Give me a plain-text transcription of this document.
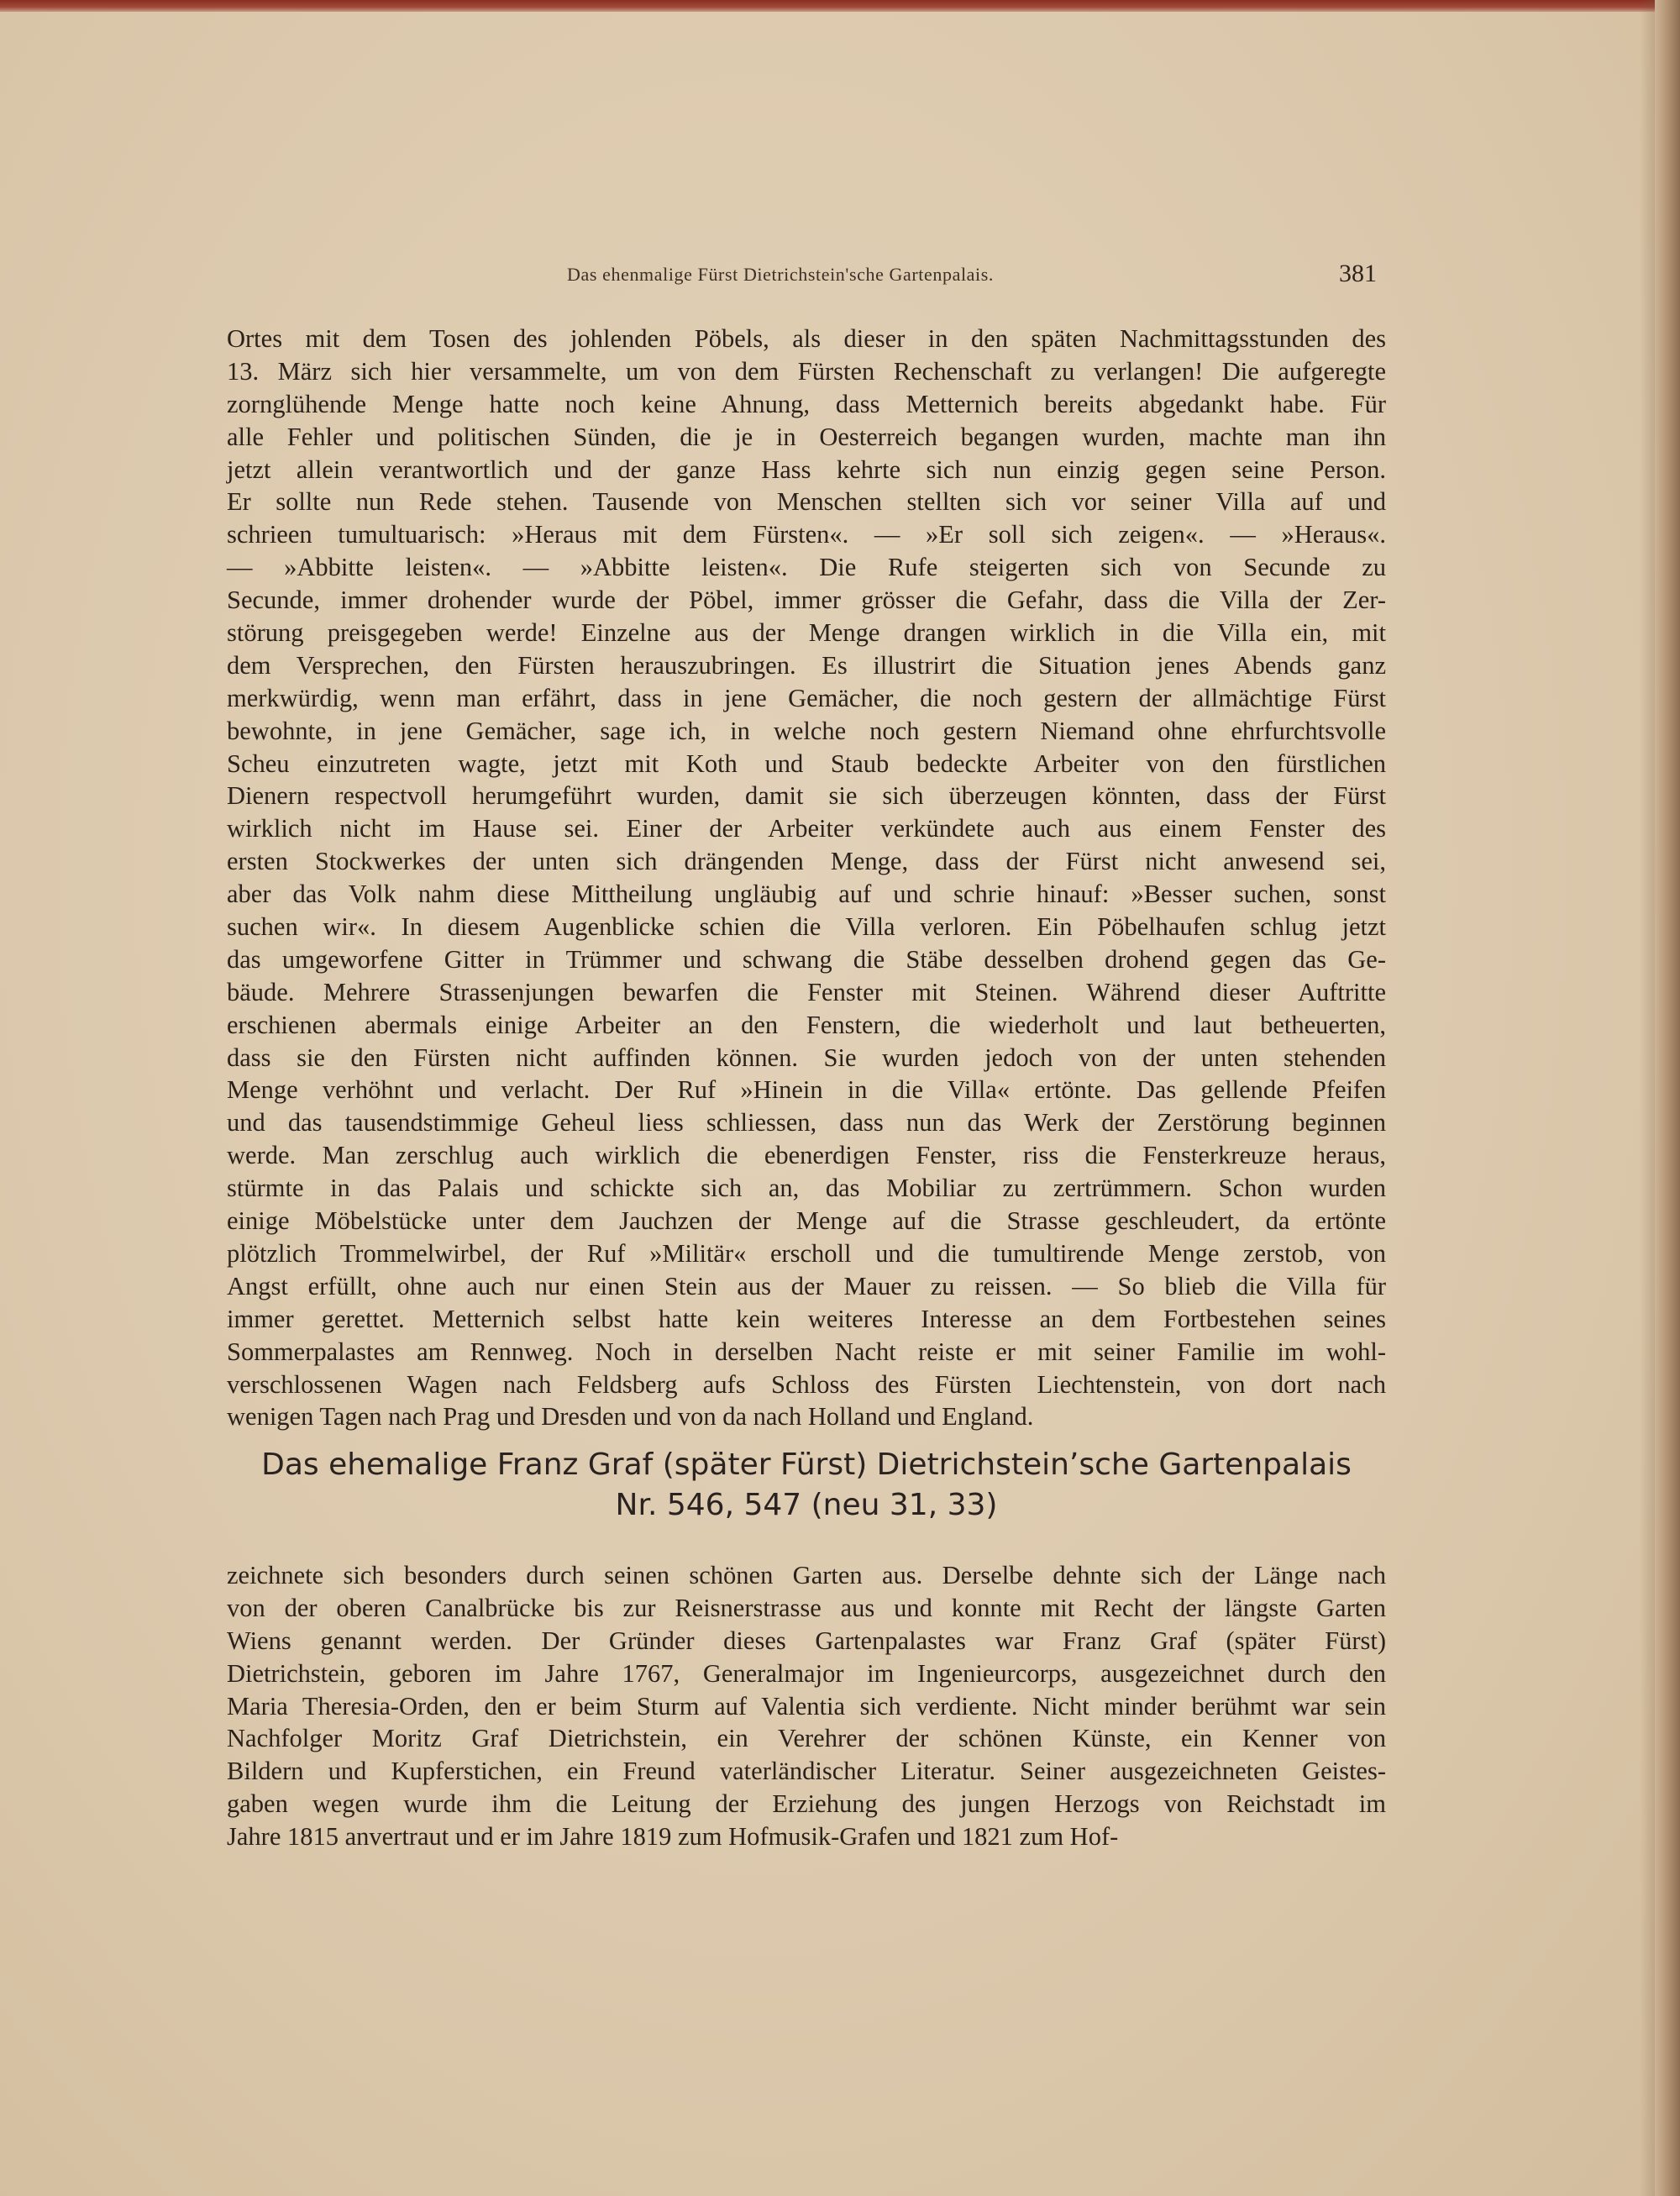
Das ehenmalige Fürst Dietrichstein'sche Gartenpalais.	381
Ortes mit dem Tosen des johlenden Pöbels, als dieser in den späten Nachmittagsstunden des
13. März sich hier versammelte, um von dem Fürsten Rechenschaft zu verlangen! Die aufgeregte
zornglühende Menge hatte noch keine Ahnung, dass Metternich bereits abgedankt habe. Für
alle Fehler und politischen Sünden, die je in Oesterreich begangen wurden, machte man ihn
jetzt allein verantwortlich und der ganze Hass kehrte sich nun einzig gegen seine Person.
Er sollte nun Rede stehen. Tausende von Menschen stellten sich vor seiner Villa auf und
schrieen tumultuarisch: »Heraus mit dem Fürsten«. — »Er soll sich zeigen«. — »Heraus«.
— »Abbitte leisten«. — »Abbitte leisten«. Die Rufe steigerten sich von Secunde zu
Secunde, immer drohender wurde der Pöbel, immer grösser die Gefahr, dass die Villa der Zer-
störung preisgegeben werde! Einzelne aus der Menge drangen wirklich in die Villa ein, mit
dem Versprechen, den Fürsten herauszubringen. Es illustrirt die Situation jenes Abends ganz
merkwürdig, wenn man erfährt, dass in jene Gemächer, die noch gestern der allmächtige Fürst
bewohnte, in jene Gemächer, sage ich, in welche noch gestern Niemand ohne ehrfurchtsvolle
Scheu einzutreten wagte, jetzt mit Koth und Staub bedeckte Arbeiter von den fürstlichen
Dienern respectvoll herumgeführt wurden, damit sie sich überzeugen könnten, dass der Fürst
wirklich nicht im Hause sei. Einer der Arbeiter verkündete auch aus einem Fenster des
ersten Stockwerkes der unten sich drängenden Menge, dass der Fürst nicht anwesend sei,
aber das Volk nahm diese Mittheilung ungläubig auf und schrie hinauf: »Besser suchen, sonst
suchen wir«. In diesem Augenblicke schien die Villa verloren. Ein Pöbelhaufen schlug jetzt
das umgeworfene Gitter in Trümmer und schwang die Stäbe desselben drohend gegen das Ge-
bäude. Mehrere Strassenjungen bewarfen die Fenster mit Steinen. Während dieser Auftritte
erschienen abermals einige Arbeiter an den Fenstern, die wiederholt und laut betheuerten,
dass sie den Fürsten nicht auffinden können. Sie wurden jedoch von der unten stehenden
Menge verhöhnt und verlacht. Der Ruf »Hinein in die Villa« ertönte. Das gellende Pfeifen
und das tausendstimmige Geheul liess schliessen, dass nun das Werk der Zerstörung beginnen
werde. Man zerschlug auch wirklich die ebenerdigen Fenster, riss die Fensterkreuze heraus,
stürmte in das Palais und schickte sich an, das Mobiliar zu zertrümmern. Schon wurden
einige Möbelstücke unter dem Jauchzen der Menge auf die Strasse geschleudert, da ertönte
plötzlich Trommelwirbel, der Ruf »Militär« erscholl und die tumultirende Menge zerstob, von
Angst erfüllt, ohne auch nur einen Stein aus der Mauer zu reissen. — So blieb die Villa für
immer gerettet. Metternich selbst hatte kein weiteres Interesse an dem Fortbestehen seines
Sommerpalastes am Rennweg. Noch in derselben Nacht reiste er mit seiner Familie im wohl-
verschlossenen Wagen nach Feldsberg aufs Schloss des Fürsten Liechtenstein, von dort nach
wenigen Tagen nach Prag und Dresden und von da nach Holland und England.
Das ehemalige Franz Graf (später Fürst) Dietrichstein’sche Gartenpalais
Nr. 546, 547 (neu 31, 33)
zeichnete sich besonders durch seinen schönen Garten aus. Derselbe dehnte sich der Länge nach
von der oberen Canalbrücke bis zur Reisnerstrasse aus und konnte mit Recht der längste Garten
Wiens genannt werden. Der Gründer dieses Gartenpalastes war Franz Graf (später Fürst)
Dietrichstein, geboren im Jahre 1767, Generalmajor im Ingenieurcorps, ausgezeichnet durch den
Maria Theresia-Orden, den er beim Sturm auf Valentia sich verdiente. Nicht minder berühmt war sein
Nachfolger Moritz Graf Dietrichstein, ein Verehrer der schönen Künste, ein Kenner von
Bildern und Kupferstichen, ein Freund vaterländischer Literatur. Seiner ausgezeichneten Geistes-
gaben wegen wurde ihm die Leitung der Erziehung des jungen Herzogs von Reichstadt im
Jahre 1815 anvertraut und er im Jahre 1819 zum Hofmusik-Grafen und 1821 zum Hof-
